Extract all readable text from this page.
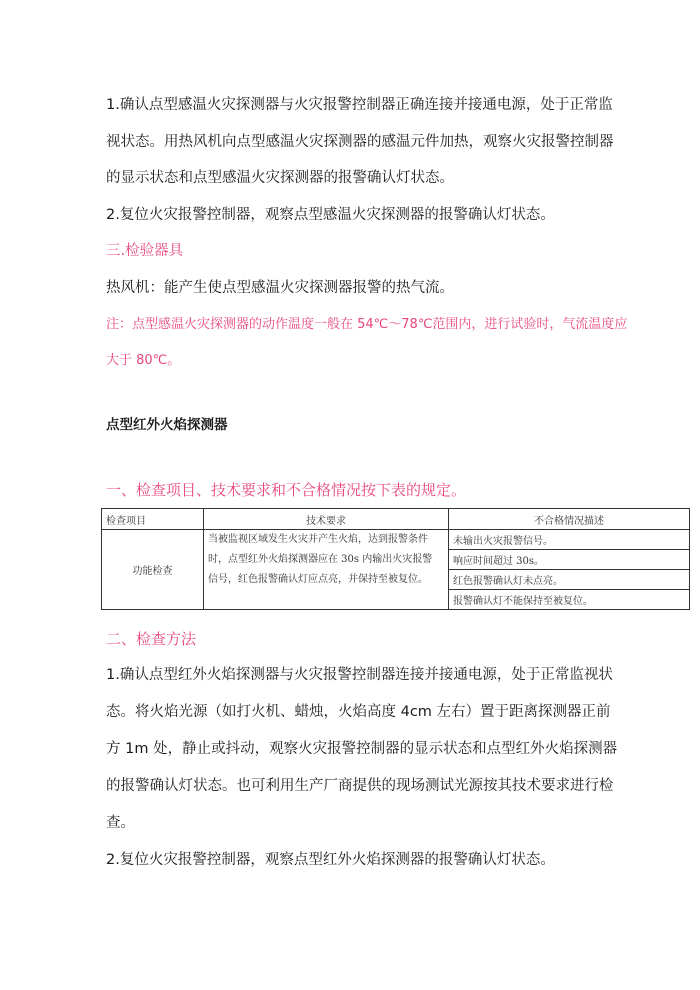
1.确认点型感温火灾探测器与火灾报警控制器正确连接并接通电源，处于正常监
视状态。用热风机向点型感温火灾探测器的感温元件加热，观察火灾报警控制器
的显示状态和点型感温火灾探测器的报警确认灯状态。
2.复位火灾报警控制器，观察点型感温火灾探测器的报警确认灯状态。
三.检验器具
热风机：能产生使点型感温火灾探测器报警的热气流。
注：点型感温火灾探测器的动作温度一般在 54℃～78℃范围内，进行试验时，气流温度应
大于 80℃。
点型红外火焰探测器
一、检查项目、技术要求和不合格情况按下表的规定。
检查项目	技术要求	不合格情况描述
功能检查	当被监视区域发生火灾并产生火焰，达到报警条件
时，点型红外火焰探测器应在 30s 内输出火灾报警
信号，红色报警确认灯应点亮，并保持至被复位。	未输出火灾报警信号。
		响应时间超过 30s。
		红色报警确认灯未点亮。
		报警确认灯不能保持至被复位。
二、检查方法
1.确认点型红外火焰探测器与火灾报警控制器连接并接通电源，处于正常监视状
态。将火焰光源（如打火机、蜡烛，火焰高度 4cm 左右）置于距离探测器正前
方 1m 处，静止或抖动，观察火灾报警控制器的显示状态和点型红外火焰探测器
的报警确认灯状态。也可利用生产厂商提供的现场测试光源按其技术要求进行检
查。
2.复位火灾报警控制器，观察点型红外火焰探测器的报警确认灯状态。
